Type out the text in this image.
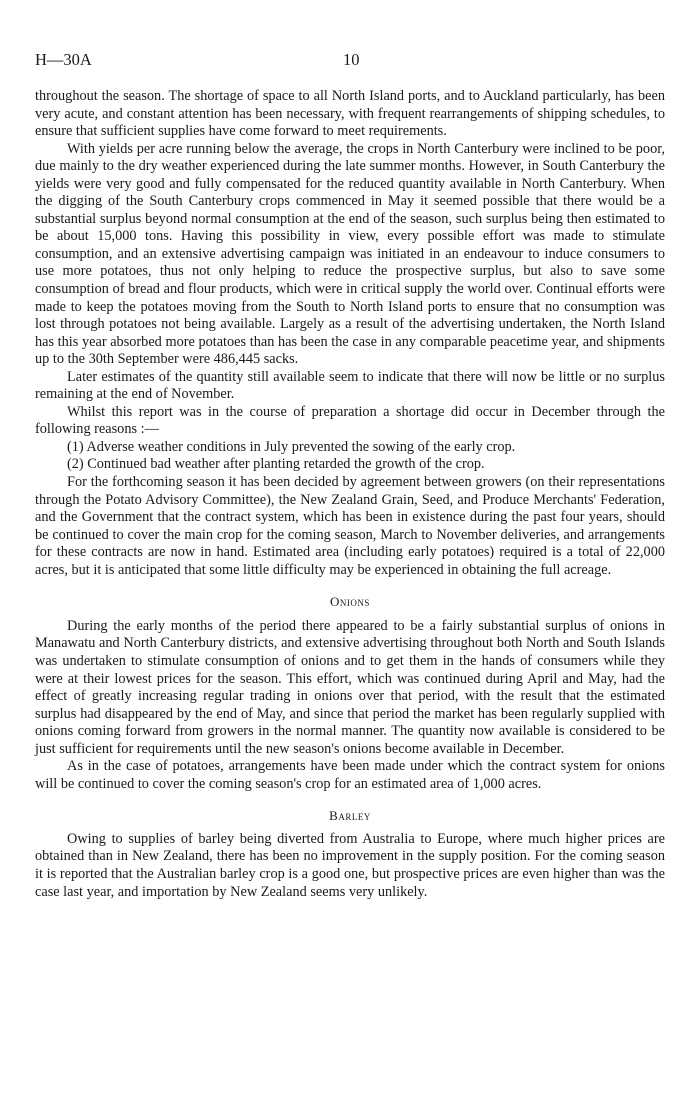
H—30A	10

throughout the season. The shortage of space to all North Island ports, and to Auckland particularly, has been very acute, and constant attention has been necessary, with frequent rearrangements of shipping schedules, to ensure that sufficient supplies have come forward to meet requirements.

With yields per acre running below the average, the crops in North Canterbury were inclined to be poor, due mainly to the dry weather experienced during the late summer months. However, in South Canterbury the yields were very good and fully compensated for the reduced quantity available in North Canterbury. When the digging of the South Canterbury crops commenced in May it seemed possible that there would be a substantial surplus beyond normal consumption at the end of the season, such surplus being then estimated to be about 15,000 tons. Having this possibility in view, every possible effort was made to stimulate consumption, and an extensive advertising campaign was initiated in an endeavour to induce consumers to use more potatoes, thus not only helping to reduce the prospective surplus, but also to save some consumption of bread and flour products, which were in critical supply the world over. Continual efforts were made to keep the potatoes moving from the South to North Island ports to ensure that no consumption was lost through potatoes not being available. Largely as a result of the advertising undertaken, the North Island has this year absorbed more potatoes than has been the case in any comparable peacetime year, and shipments up to the 30th September were 486,445 sacks.

Later estimates of the quantity still available seem to indicate that there will now be little or no surplus remaining at the end of November.

Whilst this report was in the course of preparation a shortage did occur in December through the following reasons :—

(1) Adverse weather conditions in July prevented the sowing of the early crop.

(2) Continued bad weather after planting retarded the growth of the crop.

For the forthcoming season it has been decided by agreement between growers (on their representations through the Potato Advisory Committee), the New Zealand Grain, Seed, and Produce Merchants' Federation, and the Government that the contract system, which has been in existence during the past four years, should be continued to cover the main crop for the coming season, March to November deliveries, and arrangements for these contracts are now in hand. Estimated area (including early potatoes) required is a total of 22,000 acres, but it is anticipated that some little difficulty may be experienced in obtaining the full acreage.

Onions

During the early months of the period there appeared to be a fairly substantial surplus of onions in Manawatu and North Canterbury districts, and extensive advertising throughout both North and South Islands was undertaken to stimulate consumption of onions and to get them in the hands of consumers while they were at their lowest prices for the season. This effort, which was continued during April and May, had the effect of greatly increasing regular trading in onions over that period, with the result that the estimated surplus had disappeared by the end of May, and since that period the market has been regularly supplied with onions coming forward from growers in the normal manner. The quantity now available is considered to be just sufficient for requirements until the new season's onions become available in December.

As in the case of potatoes, arrangements have been made under which the contract system for onions will be continued to cover the coming season's crop for an estimated area of 1,000 acres.

Barley

Owing to supplies of barley being diverted from Australia to Europe, where much higher prices are obtained than in New Zealand, there has been no improvement in the supply position. For the coming season it is reported that the Australian barley crop is a good one, but prospective prices are even higher than was the case last year, and importation by New Zealand seems very unlikely.
